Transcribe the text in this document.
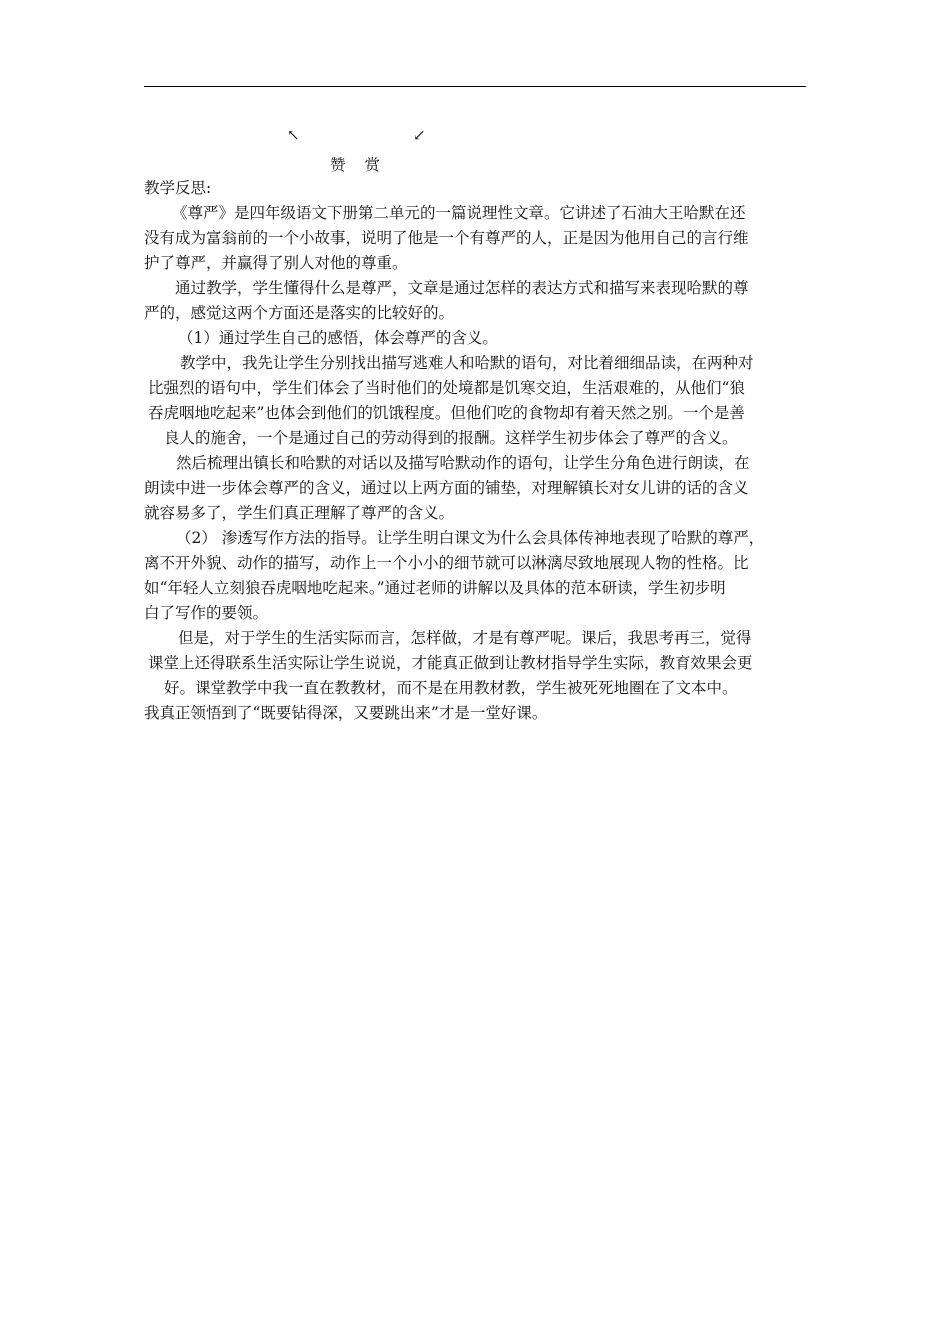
↖	↙
赞赏
教学反思:
《尊严》是四年级语文下册第二单元的一篇说理性文章。它讲述了石油大王哈默在还
没有成为富翁前的一个小故事，说明了他是一个有尊严的人，正是因为他用自己的言行维
护了尊严，并赢得了别人对他的尊重。
通过教学，学生懂得什么是尊严，文章是通过怎样的表达方式和描写来表现哈默的尊
严的，感觉这两个方面还是落实的比较好的。
（1）通过学生自己的感悟，体会尊严的含义。
教学中，我先让学生分别找出描写逃难人和哈默的语句，对比着细细品读，在两种对
比强烈的语句中，学生们体会了当时他们的处境都是饥寒交迫，生活艰难的，从他们“狼
吞虎咽地吃起来”也体会到他们的饥饿程度。但他们吃的食物却有着天然之别。一个是善
良人的施舍，一个是通过自己的劳动得到的报酬。这样学生初步体会了尊严的含义。
然后梳理出镇长和哈默的对话以及描写哈默动作的语句，让学生分角色进行朗读，在
朗读中进一步体会尊严的含义，通过以上两方面的铺垫，对理解镇长对女儿讲的话的含义
就容易多了，学生们真正理解了尊严的含义。
（2） 渗透写作方法的指导。让学生明白课文为什么会具体传神地表现了哈默的尊严，
离不开外貌、动作的描写，动作上一个小小的细节就可以淋漓尽致地展现人物的性格。比
如“年轻人立刻狼吞虎咽地吃起来。”通过老师的讲解以及具体的范本研读，学生初步明
白了写作的要领。
但是，对于学生的生活实际而言，怎样做，才是有尊严呢。课后，我思考再三，觉得
课堂上还得联系生活实际让学生说说，才能真正做到让教材指导学生实际，教育效果会更
好。课堂教学中我一直在教教材，而不是在用教材教，学生被死死地圈在了文本中。
我真正领悟到了“既要钻得深，又要跳出来”才是一堂好课。
